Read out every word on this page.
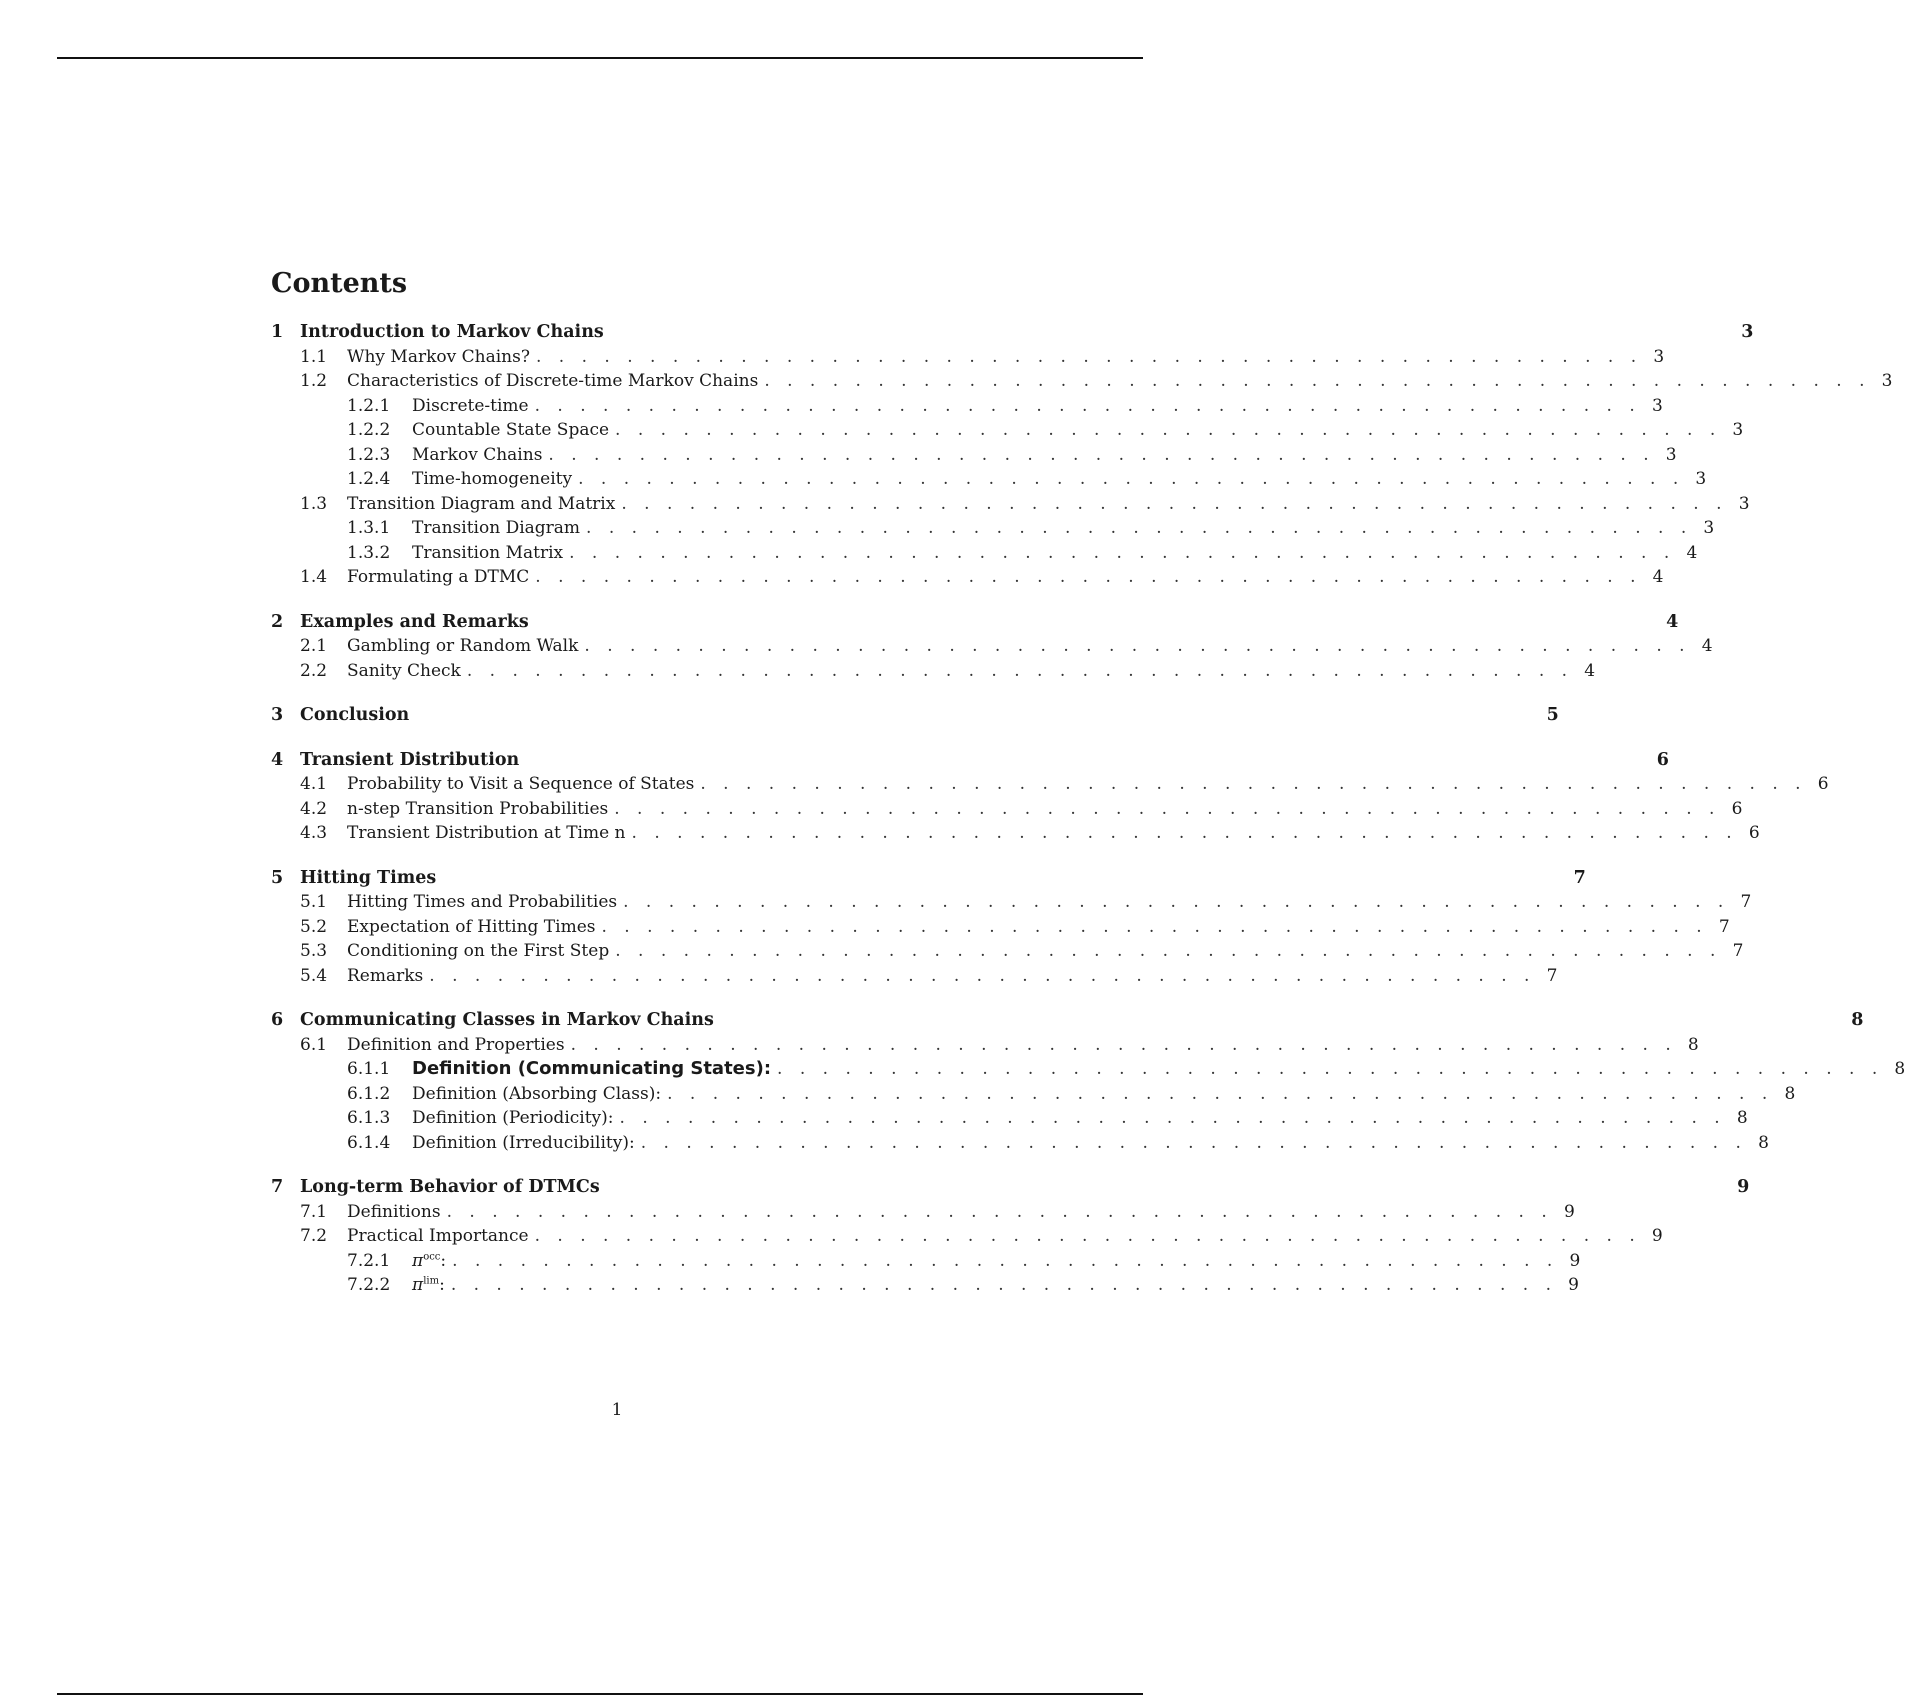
Contents
1 Introduction to Markov Chains	3
1.1	Why Markov Chains? . . . . . . . . . . . . . . . . . . . . . . . . . . . . . . . . . . . . . . . . . . . . . . . . . 3
1.2	Characteristics of Discrete-time Markov Chains . . . . . . . . . . . . . . . . . . . . . . . . . . . . . . . . . . . . . . . . . . . . . . . . . 3
1.2.1	Discrete-time . . . . . . . . . . . . . . . . . . . . . . . . . . . . . . . . . . . . . . . . . . . . . . . . . 3
1.2.2	Countable State Space . . . . . . . . . . . . . . . . . . . . . . . . . . . . . . . . . . . . . . . . . . . . . . . . . 3
1.2.3	Markov Chains . . . . . . . . . . . . . . . . . . . . . . . . . . . . . . . . . . . . . . . . . . . . . . . . . 3
1.2.4	Time-homogeneity . . . . . . . . . . . . . . . . . . . . . . . . . . . . . . . . . . . . . . . . . . . . . . . . . 3
1.3	Transition Diagram and Matrix . . . . . . . . . . . . . . . . . . . . . . . . . . . . . . . . . . . . . . . . . . . . . . . . . 3
1.3.1	Transition Diagram . . . . . . . . . . . . . . . . . . . . . . . . . . . . . . . . . . . . . . . . . . . . . . . . . 3
1.3.2	Transition Matrix . . . . . . . . . . . . . . . . . . . . . . . . . . . . . . . . . . . . . . . . . . . . . . . . . 4
1.4	Formulating a DTMC . . . . . . . . . . . . . . . . . . . . . . . . . . . . . . . . . . . . . . . . . . . . . . . . . 4
2 Examples and Remarks	4
2.1	Gambling or Random Walk . . . . . . . . . . . . . . . . . . . . . . . . . . . . . . . . . . . . . . . . . . . . . . . . . 4
2.2	Sanity Check . . . . . . . . . . . . . . . . . . . . . . . . . . . . . . . . . . . . . . . . . . . . . . . . . 4
3 Conclusion	5
4 Transient Distribution	6
4.1	Probability to Visit a Sequence of States . . . . . . . . . . . . . . . . . . . . . . . . . . . . . . . . . . . . . . . . . . . . . . . . . 6
4.2	n-step Transition Probabilities . . . . . . . . . . . . . . . . . . . . . . . . . . . . . . . . . . . . . . . . . . . . . . . . . 6
4.3	Transient Distribution at Time n . . . . . . . . . . . . . . . . . . . . . . . . . . . . . . . . . . . . . . . . . . . . . . . . . 6
5 Hitting Times	7
5.1	Hitting Times and Probabilities . . . . . . . . . . . . . . . . . . . . . . . . . . . . . . . . . . . . . . . . . . . . . . . . . 7
5.2	Expectation of Hitting Times . . . . . . . . . . . . . . . . . . . . . . . . . . . . . . . . . . . . . . . . . . . . . . . . . 7
5.3	Conditioning on the First Step . . . . . . . . . . . . . . . . . . . . . . . . . . . . . . . . . . . . . . . . . . . . . . . . . 7
5.4	Remarks . . . . . . . . . . . . . . . . . . . . . . . . . . . . . . . . . . . . . . . . . . . . . . . . . 7
6 Communicating Classes in Markov Chains	8
6.1	Definition and Properties . . . . . . . . . . . . . . . . . . . . . . . . . . . . . . . . . . . . . . . . . . . . . . . . . 8
6.1.1	Definition (Communicating States): . . . . . . . . . . . . . . . . . . . . . . . . . . . . . . . . . . . . . . . . . . . . . . . . . 8
6.1.2	Definition (Absorbing Class): . . . . . . . . . . . . . . . . . . . . . . . . . . . . . . . . . . . . . . . . . . . . . . . . . 8
6.1.3	Definition (Periodicity): . . . . . . . . . . . . . . . . . . . . . . . . . . . . . . . . . . . . . . . . . . . . . . . . . 8
6.1.4	Definition (Irreducibility): . . . . . . . . . . . . . . . . . . . . . . . . . . . . . . . . . . . . . . . . . . . . . . . . . 8
7 Long-term Behavior of DTMCs	9
7.1	Definitions . . . . . . . . . . . . . . . . . . . . . . . . . . . . . . . . . . . . . . . . . . . . . . . . . 9
7.2	Practical Importance . . . . . . . . . . . . . . . . . . . . . . . . . . . . . . . . . . . . . . . . . . . . . . . . . 9
7.2.1	$\pi^{occ}$: . . . . . . . . . . . . . . . . . . . . . . . . . . . . . . . . . . . . . . . . . . . . . . . . . 9
7.2.2	$\pi^{lim}$: . . . . . . . . . . . . . . . . . . . . . . . . . . . . . . . . . . . . . . . . . . . . . . . . . 9
1
